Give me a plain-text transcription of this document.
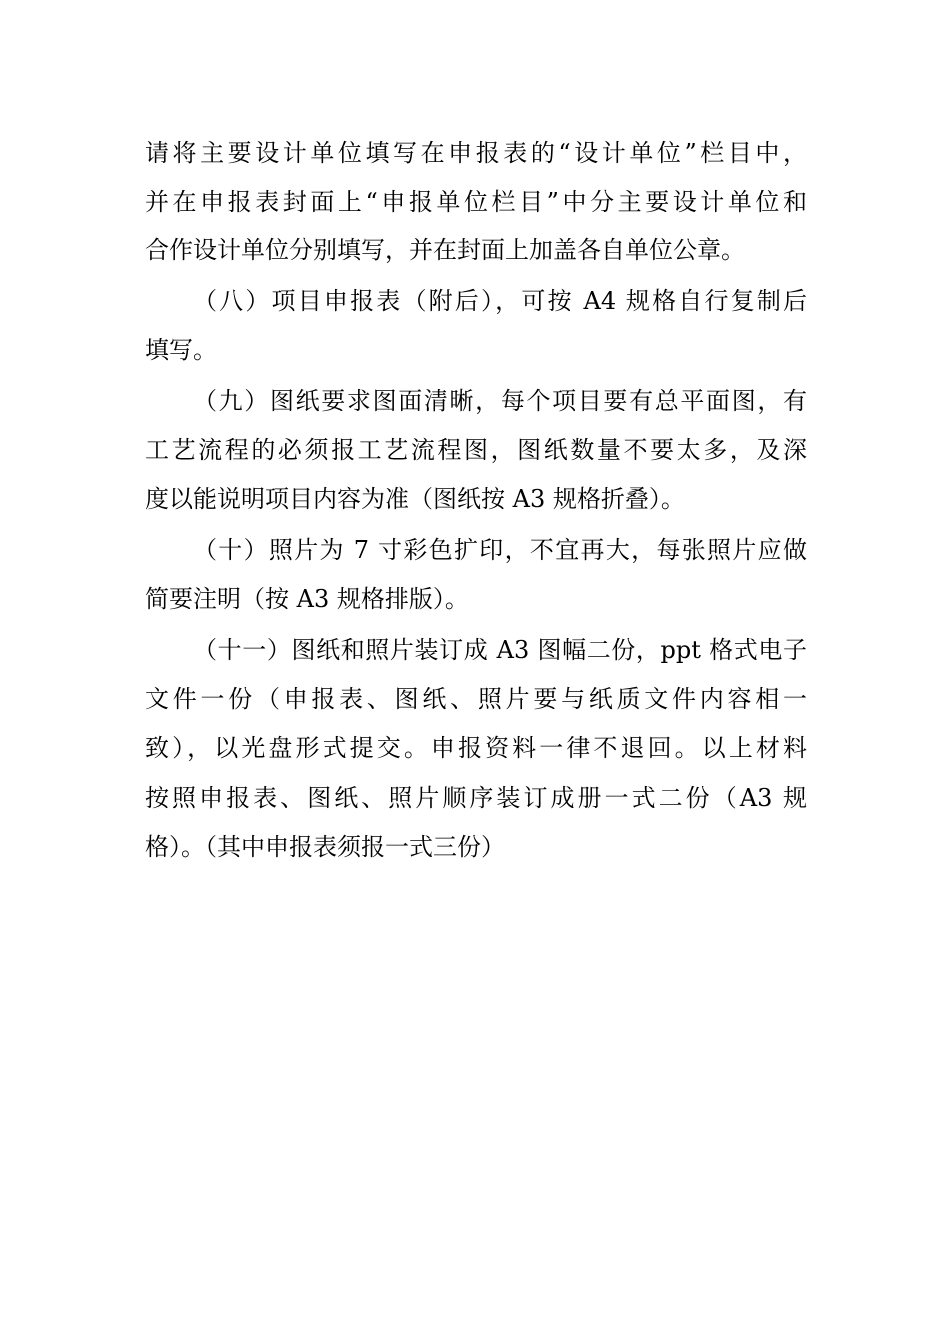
请将主要设计单位填写在申报表的“设计单位”栏目中，
并在申报表封面上“申报单位栏目”中分主要设计单位和
合作设计单位分别填写，并在封面上加盖各自单位公章。
（八）项目申报表（附后），可按 A4 规格自行复制后
填写。
（九）图纸要求图面清晰，每个项目要有总平面图，有
工艺流程的必须报工艺流程图，图纸数量不要太多，及深
度以能说明项目内容为准（图纸按 A3 规格折叠）。
（十）照片为 7 寸彩色扩印，不宜再大，每张照片应做
简要注明（按 A3 规格排版）。
（十一）图纸和照片装订成 A3 图幅二份，ppt 格式电子
文件一份（申报表、图纸、照片要与纸质文件内容相一
致），以光盘形式提交。申报资料一律不退回。以上材料
按照申报表、图纸、照片顺序装订成册一式二份（A3 规
格）。（其中申报表须报一式三份）
